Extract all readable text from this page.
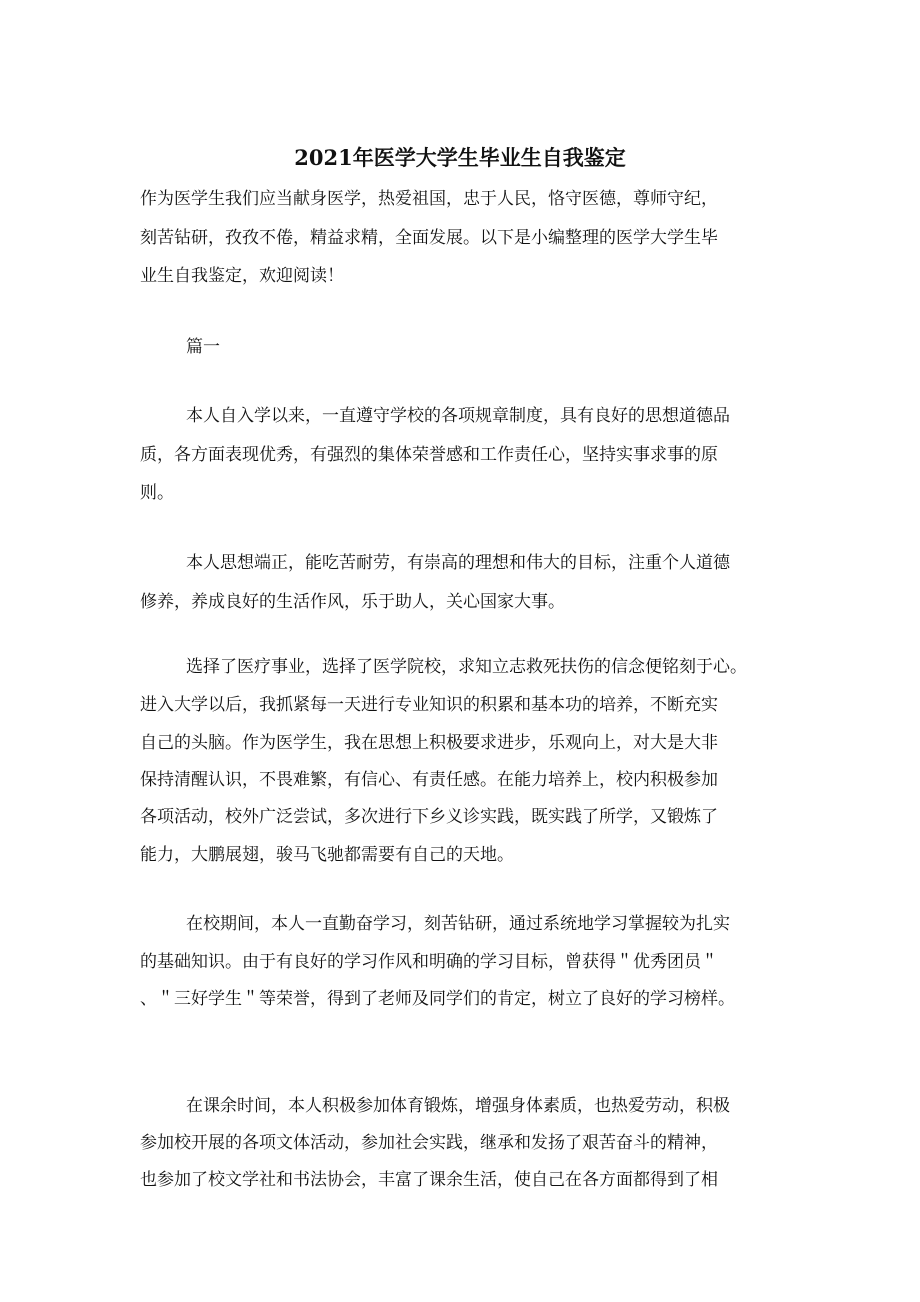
2021年医学大学生毕业生自我鉴定
作为医学生我们应当献身医学，热爱祖国，忠于人民，恪守医德，尊师守纪，
刻苦钻研，孜孜不倦，精益求精，全面发展。以下是小编整理的医学大学生毕
业生自我鉴定，欢迎阅读！
篇一
本人自入学以来，一直遵守学校的各项规章制度，具有良好的思想道德品
质，各方面表现优秀，有强烈的集体荣誉感和工作责任心，坚持实事求事的原
则。
本人思想端正，能吃苦耐劳，有崇高的理想和伟大的目标，注重个人道德
修养，养成良好的生活作风，乐于助人，关心国家大事。
选择了医疗事业，选择了医学院校，求知立志救死扶伤的信念便铭刻于心。
进入大学以后，我抓紧每一天进行专业知识的积累和基本功的培养，不断充实
自己的头脑。作为医学生，我在思想上积极要求进步，乐观向上，对大是大非
保持清醒认识，不畏难繁，有信心、有责任感。在能力培养上，校内积极参加
各项活动，校外广泛尝试，多次进行下乡义诊实践，既实践了所学，又锻炼了
能力，大鹏展翅，骏马飞驰都需要有自己的天地。
在校期间，本人一直勤奋学习，刻苦钻研，通过系统地学习掌握较为扎实
的基础知识。由于有良好的学习作风和明确的学习目标，曾获得＂优秀团员＂
、＂三好学生＂等荣誉，得到了老师及同学们的肯定，树立了良好的学习榜样。
在课余时间，本人积极参加体育锻炼，增强身体素质，也热爱劳动，积极
参加校开展的各项文体活动，参加社会实践，继承和发扬了艰苦奋斗的精神，
也参加了校文学社和书法协会，丰富了课余生活，使自己在各方面都得到了相
